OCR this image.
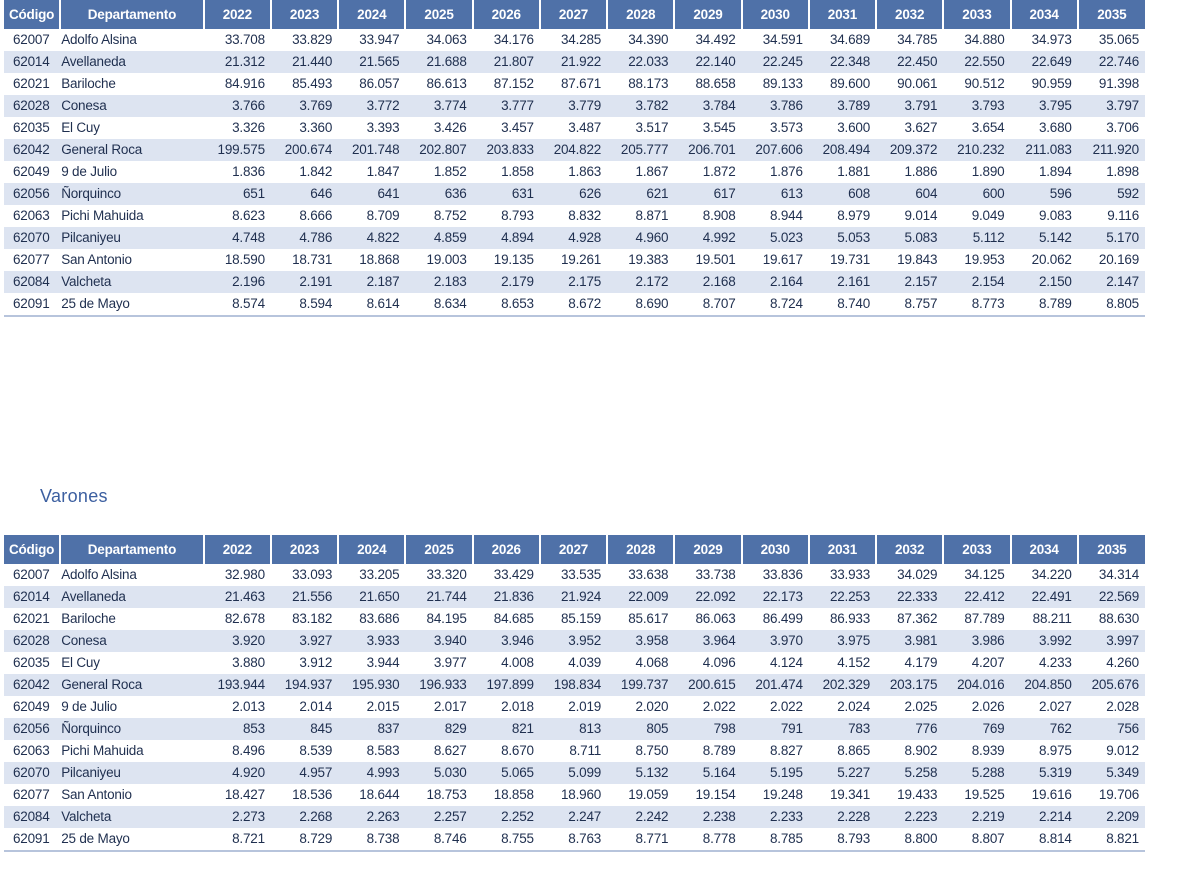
Código	Departamento	2022	2023	2024	2025	2026	2027	2028	2029	2030	2031	2032	2033	2034	2035
62007	Adolfo Alsina	33.708	33.829	33.947	34.063	34.176	34.285	34.390	34.492	34.591	34.689	34.785	34.880	34.973	35.065
62014	Avellaneda	21.312	21.440	21.565	21.688	21.807	21.922	22.033	22.140	22.245	22.348	22.450	22.550	22.649	22.746
62021	Bariloche	84.916	85.493	86.057	86.613	87.152	87.671	88.173	88.658	89.133	89.600	90.061	90.512	90.959	91.398
62028	Conesa	3.766	3.769	3.772	3.774	3.777	3.779	3.782	3.784	3.786	3.789	3.791	3.793	3.795	3.797
62035	El Cuy	3.326	3.360	3.393	3.426	3.457	3.487	3.517	3.545	3.573	3.600	3.627	3.654	3.680	3.706
62042	General Roca	199.575	200.674	201.748	202.807	203.833	204.822	205.777	206.701	207.606	208.494	209.372	210.232	211.083	211.920
62049	9 de Julio	1.836	1.842	1.847	1.852	1.858	1.863	1.867	1.872	1.876	1.881	1.886	1.890	1.894	1.898
62056	Ñorquinco	651	646	641	636	631	626	621	617	613	608	604	600	596	592
62063	Pichi Mahuida	8.623	8.666	8.709	8.752	8.793	8.832	8.871	8.908	8.944	8.979	9.014	9.049	9.083	9.116
62070	Pilcaniyeu	4.748	4.786	4.822	4.859	4.894	4.928	4.960	4.992	5.023	5.053	5.083	5.112	5.142	5.170
62077	San Antonio	18.590	18.731	18.868	19.003	19.135	19.261	19.383	19.501	19.617	19.731	19.843	19.953	20.062	20.169
62084	Valcheta	2.196	2.191	2.187	2.183	2.179	2.175	2.172	2.168	2.164	2.161	2.157	2.154	2.150	2.147
62091	25 de Mayo	8.574	8.594	8.614	8.634	8.653	8.672	8.690	8.707	8.724	8.740	8.757	8.773	8.789	8.805
Varones
Código	Departamento	2022	2023	2024	2025	2026	2027	2028	2029	2030	2031	2032	2033	2034	2035
62007	Adolfo Alsina	32.980	33.093	33.205	33.320	33.429	33.535	33.638	33.738	33.836	33.933	34.029	34.125	34.220	34.314
62014	Avellaneda	21.463	21.556	21.650	21.744	21.836	21.924	22.009	22.092	22.173	22.253	22.333	22.412	22.491	22.569
62021	Bariloche	82.678	83.182	83.686	84.195	84.685	85.159	85.617	86.063	86.499	86.933	87.362	87.789	88.211	88.630
62028	Conesa	3.920	3.927	3.933	3.940	3.946	3.952	3.958	3.964	3.970	3.975	3.981	3.986	3.992	3.997
62035	El Cuy	3.880	3.912	3.944	3.977	4.008	4.039	4.068	4.096	4.124	4.152	4.179	4.207	4.233	4.260
62042	General Roca	193.944	194.937	195.930	196.933	197.899	198.834	199.737	200.615	201.474	202.329	203.175	204.016	204.850	205.676
62049	9 de Julio	2.013	2.014	2.015	2.017	2.018	2.019	2.020	2.022	2.022	2.024	2.025	2.026	2.027	2.028
62056	Ñorquinco	853	845	837	829	821	813	805	798	791	783	776	769	762	756
62063	Pichi Mahuida	8.496	8.539	8.583	8.627	8.670	8.711	8.750	8.789	8.827	8.865	8.902	8.939	8.975	9.012
62070	Pilcaniyeu	4.920	4.957	4.993	5.030	5.065	5.099	5.132	5.164	5.195	5.227	5.258	5.288	5.319	5.349
62077	San Antonio	18.427	18.536	18.644	18.753	18.858	18.960	19.059	19.154	19.248	19.341	19.433	19.525	19.616	19.706
62084	Valcheta	2.273	2.268	2.263	2.257	2.252	2.247	2.242	2.238	2.233	2.228	2.223	2.219	2.214	2.209
62091	25 de Mayo	8.721	8.729	8.738	8.746	8.755	8.763	8.771	8.778	8.785	8.793	8.800	8.807	8.814	8.821
